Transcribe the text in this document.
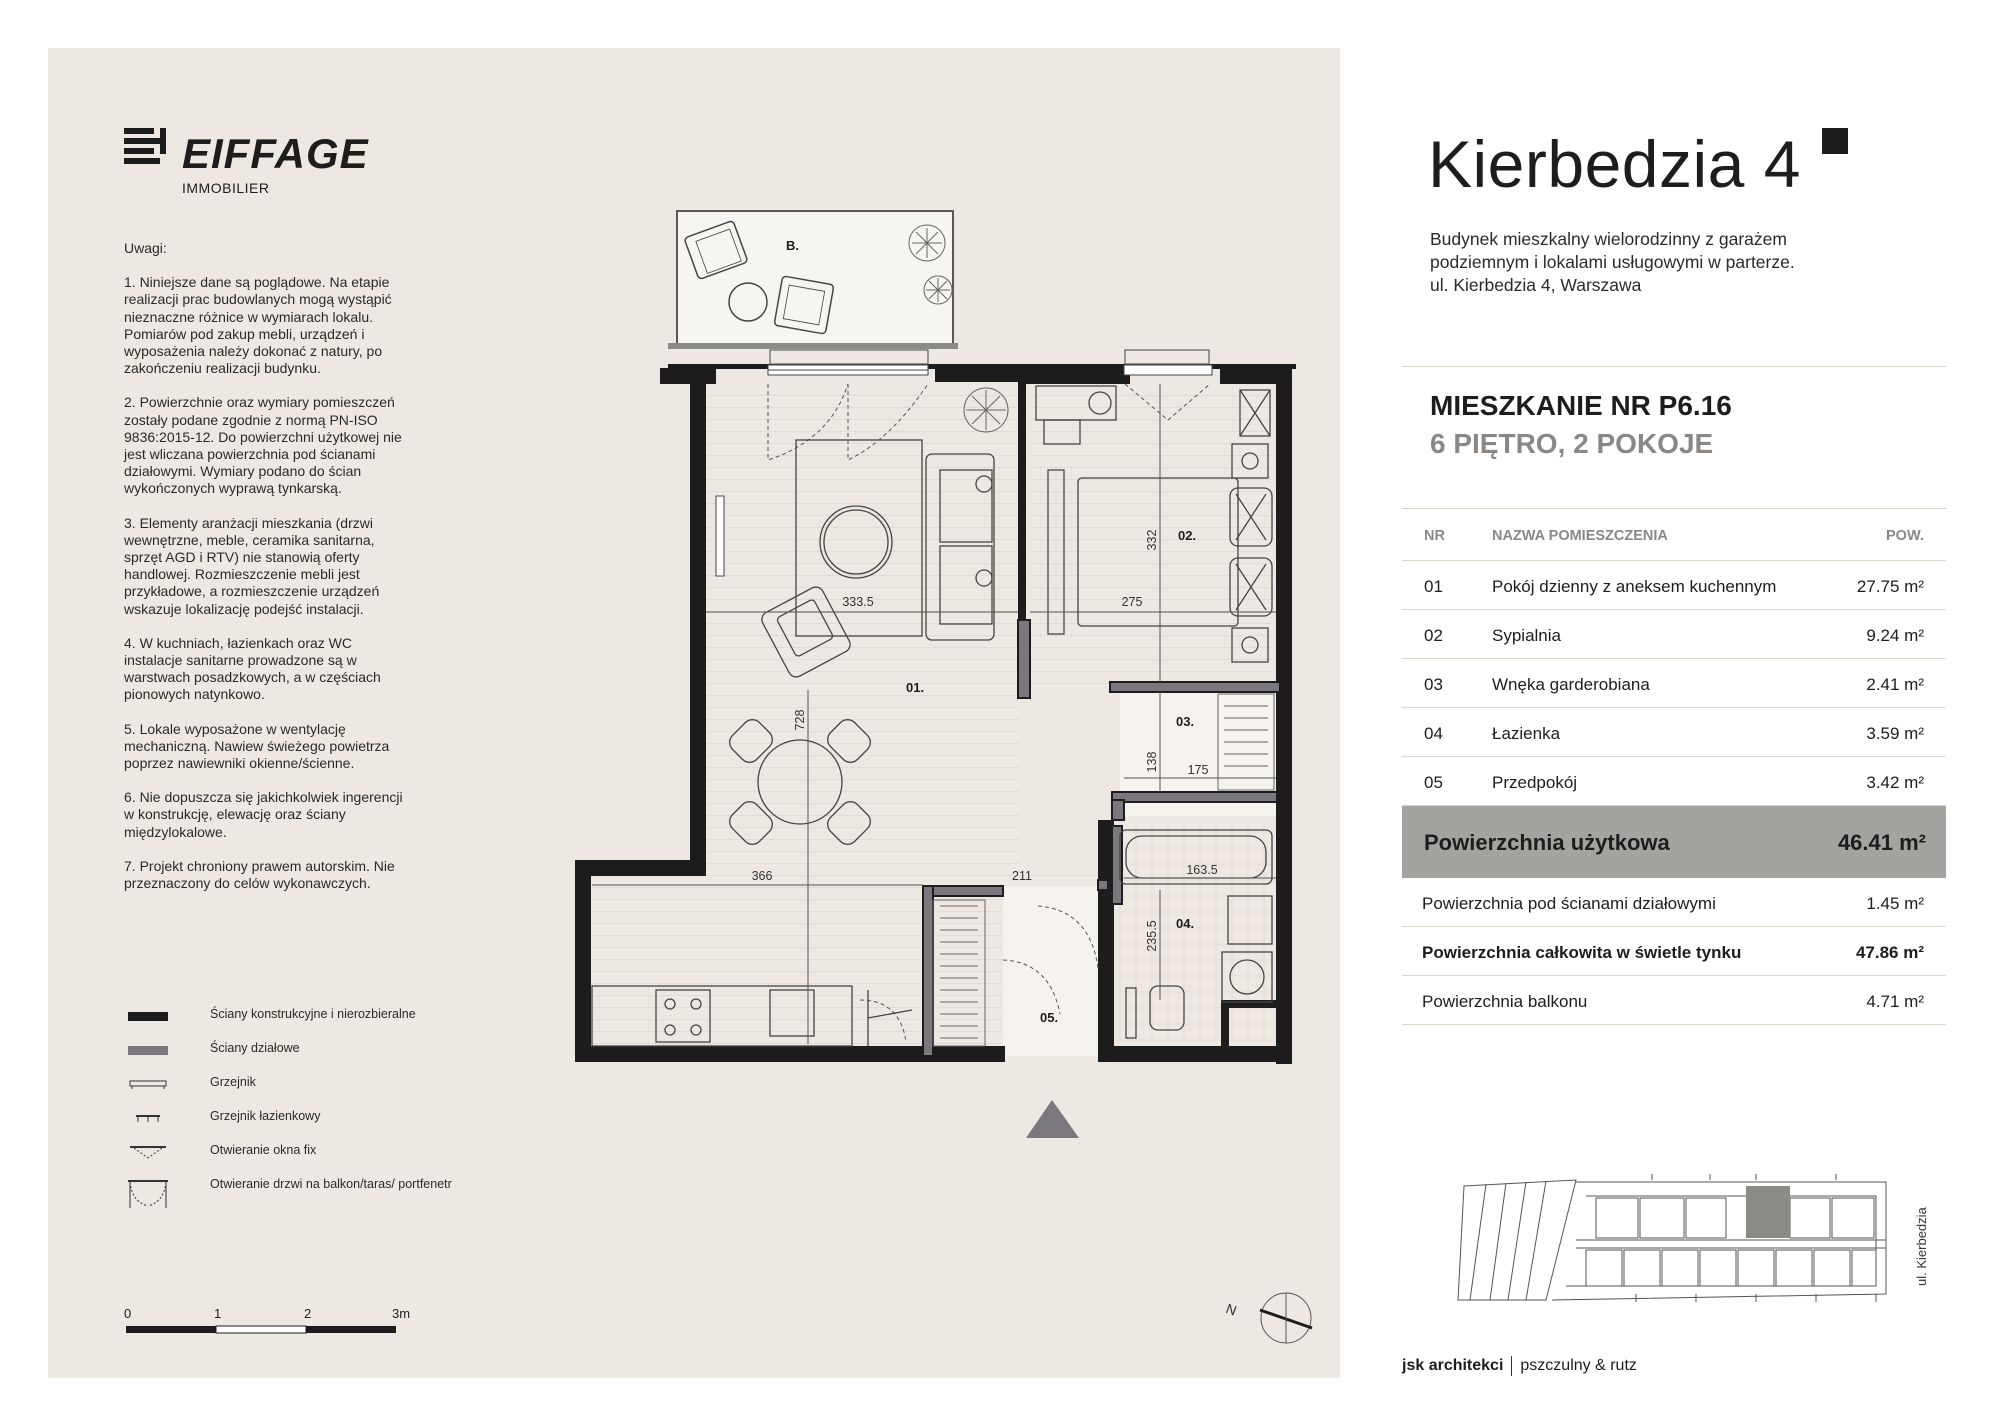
EIFFAGE
IMMOBILIER

Uwagi:

1. Niniejsze dane są poglądowe. Na etapie realizacji prac budowlanych mogą wystąpić nieznaczne różnice w wymiarach lokalu. Pomiarów pod zakup mebli, urządzeń i wyposażenia należy dokonać z natury, po zakończeniu realizacji budynku.

2. Powierzchnie oraz wymiary pomieszczeń zostały podane zgodnie z normą PN-ISO 9836:2015-12. Do powierzchni użytkowej nie jest wliczana powierzchnia pod ścianami działowymi. Wymiary podano do ścian wykończonych wyprawą tynkarską.

3. Elementy aranżacji mieszkania (drzwi wewnętrzne, meble, ceramika sanitarna, sprzęt AGD i RTV) nie stanowią oferty handlowej. Rozmieszczenie mebli jest przykładowe, a rozmieszczenie urządzeń wskazuje lokalizację podejść instalacji.

4. W kuchniach, łazienkach oraz WC instalacje sanitarne prowadzone są w warstwach posadzkowych, a w częściach pionowych natynkowo.

5. Lokale wyposażone w wentylację mechaniczną. Nawiew świeżego powietrza poprzez nawiewniki okienne/ścienne.

6. Nie dopuszcza się jakichkolwiek ingerencji w konstrukcję, elewację oraz ściany międzylokalowe.

7. Projekt chroniony prawem autorskim. Nie przeznaczony do celów wykonawczych.

Ściany konstrukcyjne i nierozbieralne
Ściany działowe
Grzejnik
Grzejnik łazienkowy
Otwieranie okna fix
Otwieranie drzwi na balkon/taras/ portfenetr
0	1	2	3m
333.5	275
332
728
138 175
366	211	163.5
235.5
B.
01.
02.
03.
04.
05.
N
Kierbedzia 4
Budynek mieszkalny wielorodzinny z garażem
podziemnym i lokalami usługowymi w parterze.
ul. Kierbedzia 4, Warszawa
MIESZKANIE NR P6.16
6 PIĘTRO, 2 POKOJE
NR	NAZWA POMIESZCZENIA	POW.
01	Pokój dzienny z aneksem kuchennym	27.75 m²
02	Sypialnia	9.24 m²
03	Wnęka garderobiana	2.41 m²
04	Łazienka	3.59 m²
05	Przedpokój	3.42 m²
Powierzchnia użytkowa	46.41 m²
Powierzchnia pod ścianami działowymi	1.45 m²
Powierzchnia całkowita w świetle tynku	47.86 m²
Powierzchnia balkonu	4.71 m²
ul. Kierbedzia
jsk architekci pszczulny & rutz
